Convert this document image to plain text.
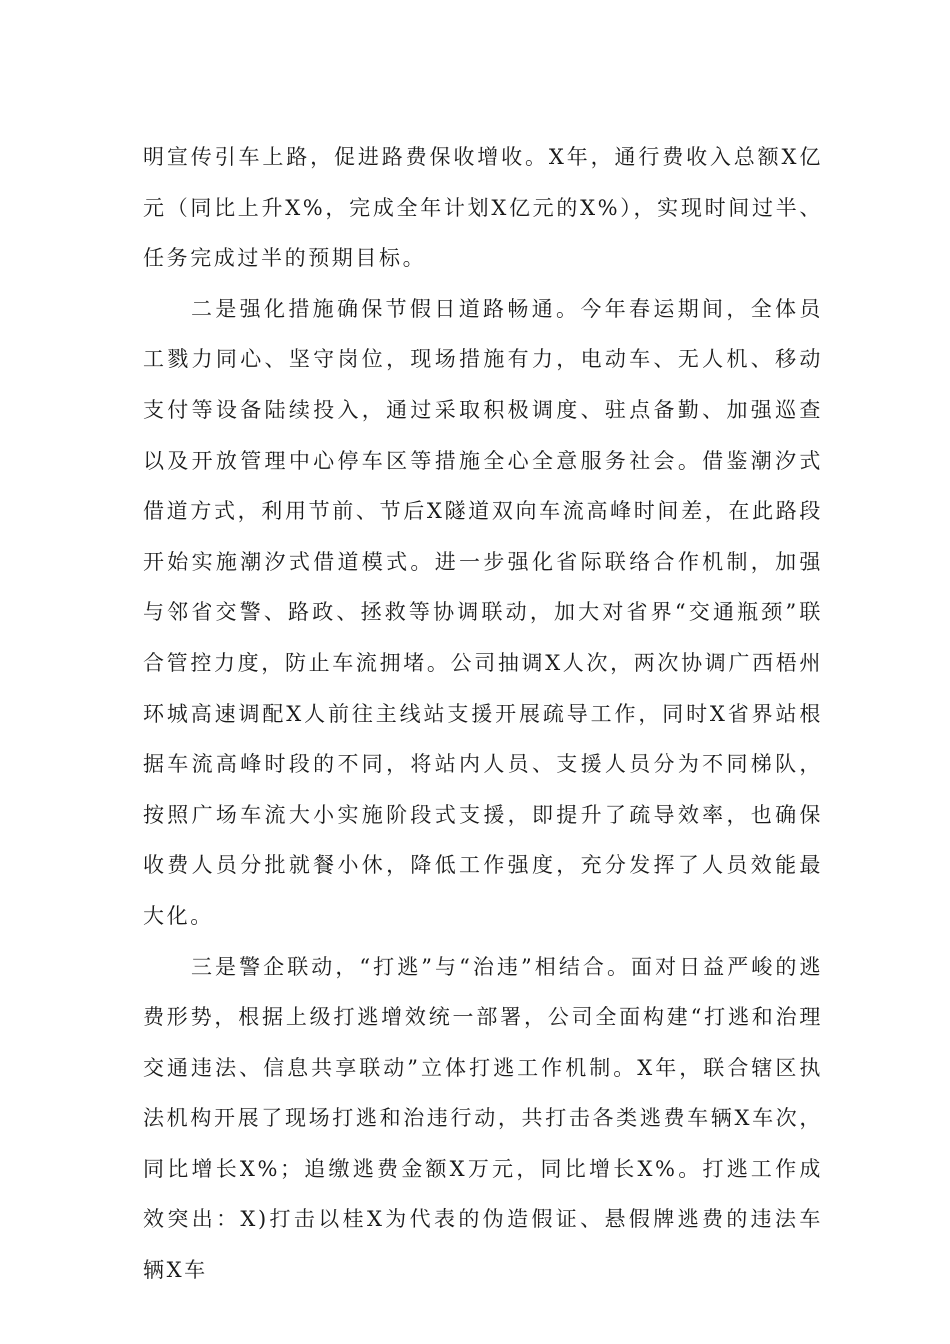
明宣传引车上路，促进路费保收增收。X年，通行费收入总额X亿元（同比上升X%，完成全年计划X亿元的X%），实现时间过半、任务完成过半的预期目标。

二是强化措施确保节假日道路畅通。今年春运期间，全体员工戮力同心、坚守岗位，现场措施有力，电动车、无人机、移动支付等设备陆续投入，通过采取积极调度、驻点备勤、加强巡查以及开放管理中心停车区等措施全心全意服务社会。借鉴潮汐式借道方式，利用节前、节后X隧道双向车流高峰时间差，在此路段开始实施潮汐式借道模式。进一步强化省际联络合作机制，加强与邻省交警、路政、拯救等协调联动，加大对省界“交通瓶颈”联合管控力度，防止车流拥堵。公司抽调X人次，两次协调广西梧州环城高速调配X人前往主线站支援开展疏导工作，同时X省界站根据车流高峰时段的不同，将站内人员、支援人员分为不同梯队，按照广场车流大小实施阶段式支援，即提升了疏导效率，也确保收费人员分批就餐小休，降低工作强度，充分发挥了人员效能最大化。

三是警企联动，“打逃”与“治违”相结合。面对日益严峻的逃费形势，根据上级打逃增效统一部署，公司全面构建“打逃和治理交通违法、信息共享联动”立体打逃工作机制。X年，联合辖区执法机构开展了现场打逃和治违行动，共打击各类逃费车辆X车次，同比增长X%；追缴逃费金额X万元，同比增长X%。打逃工作成效突出：X)打击以桂X为代表的伪造假证、悬假牌逃费的违法车辆X车
